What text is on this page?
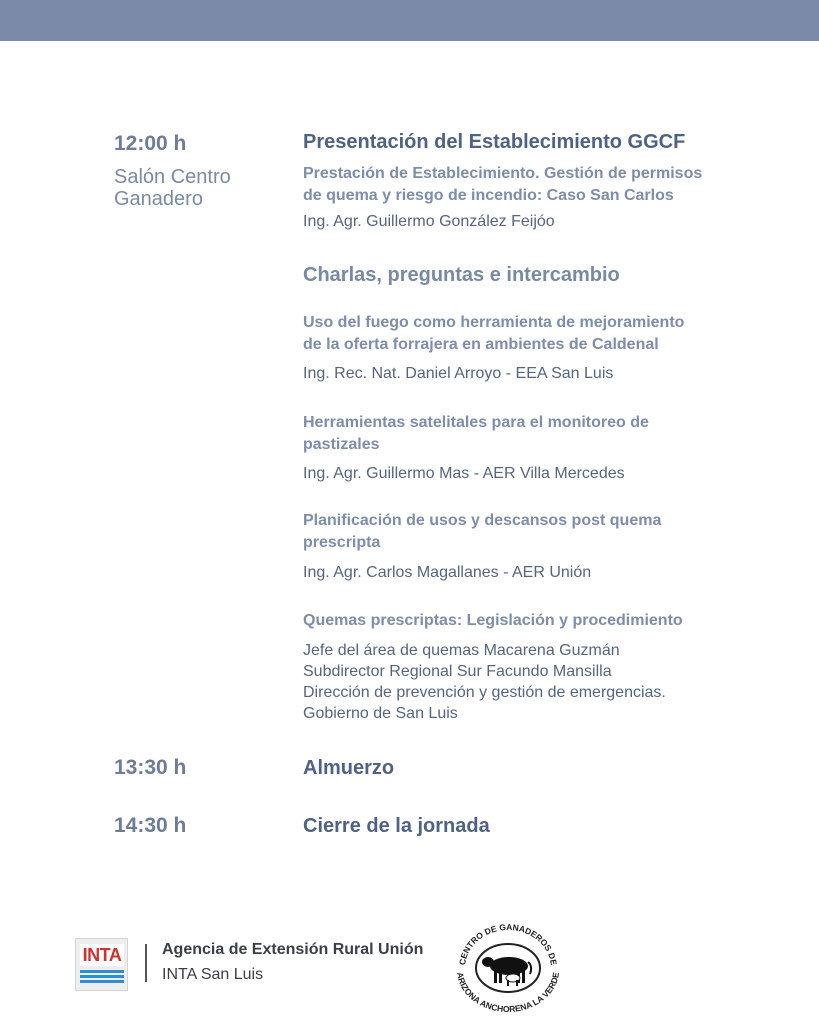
12:00 h
Salón Centro
Ganadero
Presentación del Establecimiento GGCF
Prestación de Establecimiento. Gestión de permisos
de quema y riesgo de incendio: Caso San Carlos
Ing. Agr. Guillermo González Feijóo
Charlas, preguntas e intercambio
Uso del fuego como herramienta de mejoramiento
de la oferta forrajera en ambientes de Caldenal
Ing. Rec. Nat. Daniel Arroyo - EEA San Luis
Herramientas satelitales para el monitoreo de
pastizales
Ing. Agr. Guillermo Mas - AER Villa Mercedes
Planificación de usos y descansos post quema
prescripta
Ing. Agr. Carlos Magallanes - AER Unión
Quemas prescriptas: Legislación y procedimiento
Jefe del área de quemas Macarena Guzmán
Subdirector Regional Sur Facundo Mansilla
Dirección de prevención y gestión de emergencias.
Gobierno de San Luis
13:30 h	Almuerzo
14:30 h	Cierre de la jornada
INTA	Agencia de Extensión Rural Unión
INTA San Luis
CENTRO DE GANADEROS DE
ARIZONA ANCHORENA LA VERDE
